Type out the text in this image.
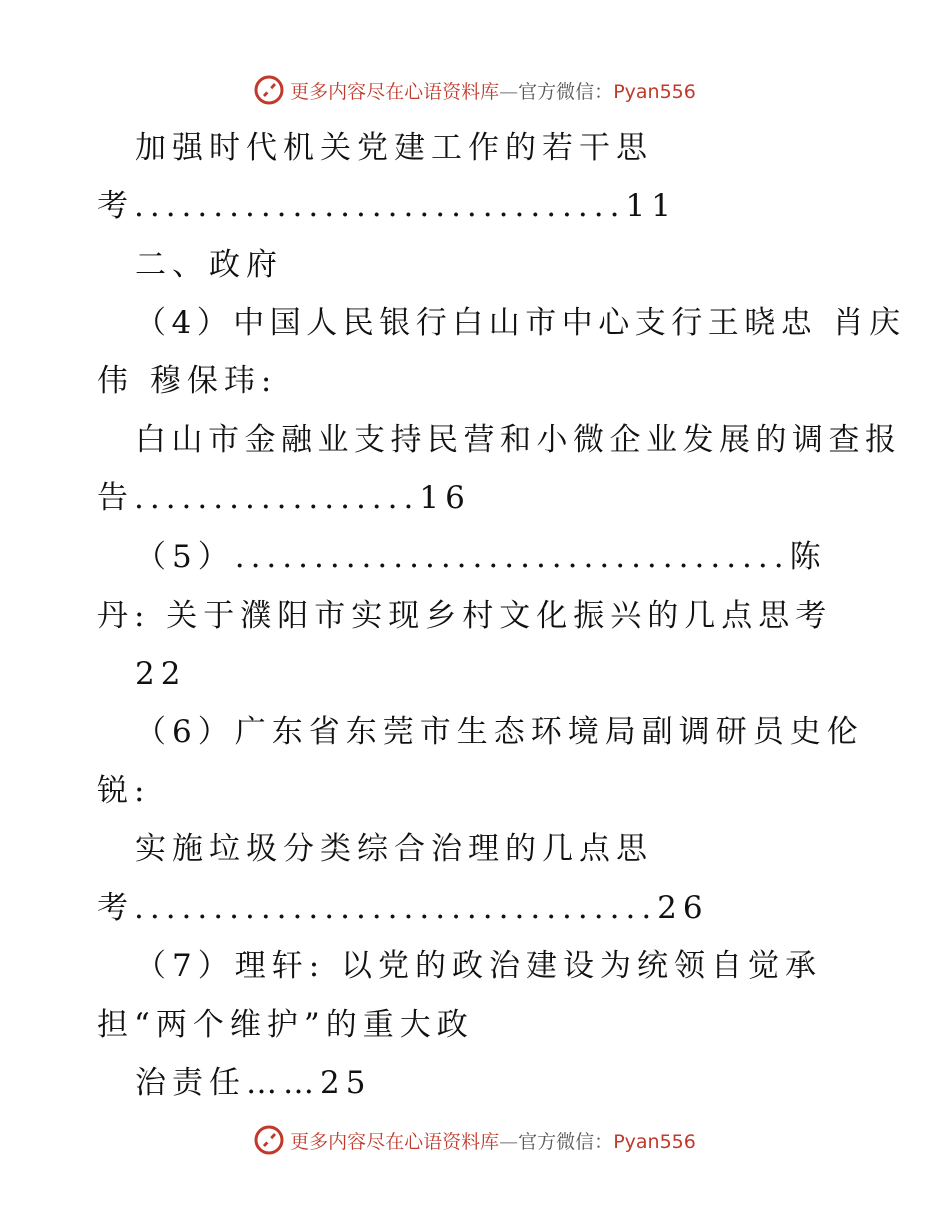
更多内容尽在心语资料库—官方微信：Pyan556
加强时代机关党建工作的若干思
考...............................11
二、政府
（4）中国人民银行白山市中心支行王晓忠 肖庆
伟 穆保玮:
白山市金融业支持民营和小微企业发展的调查报
告..................16
（5）...................................陈
丹: 关于濮阳市实现乡村文化振兴的几点思考
22
（6）广东省东莞市生态环境局副调研员史伦
锐:
实施垃圾分类综合治理的几点思
考.................................26
（7）理轩: 以党的政治建设为统领自觉承
担“两个维护”的重大政
治责任……25
更多内容尽在心语资料库—官方微信：Pyan556
